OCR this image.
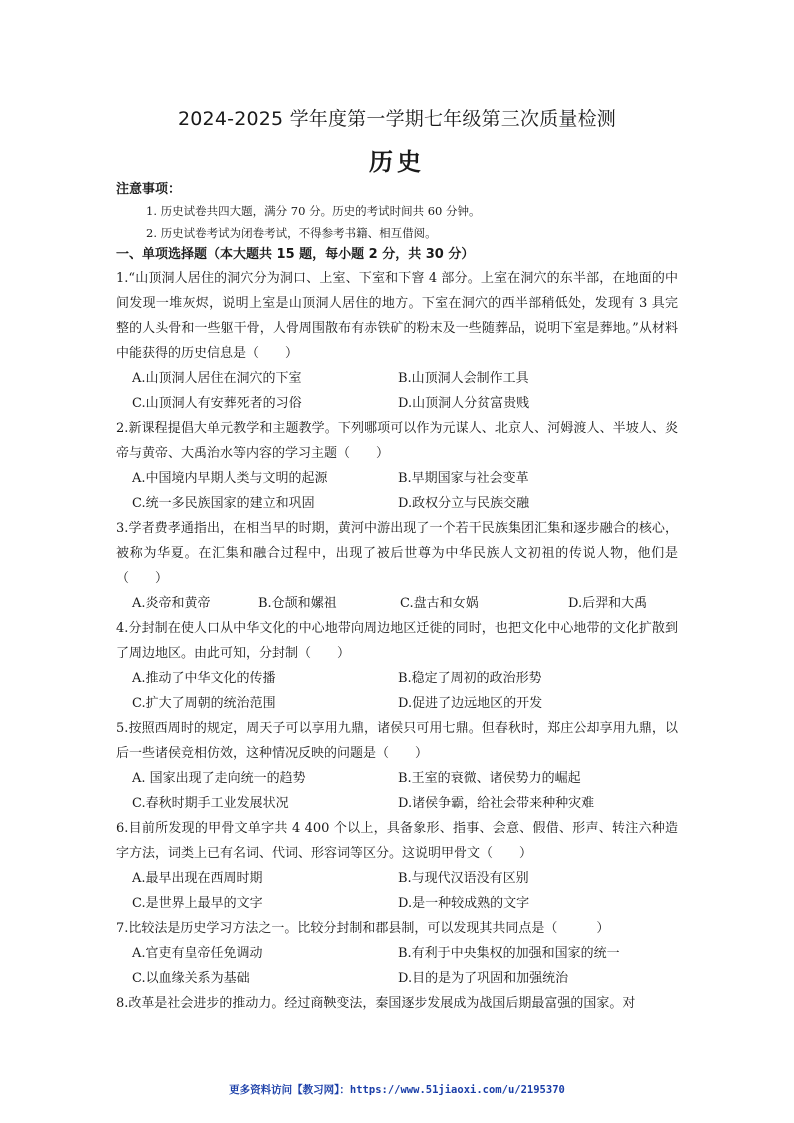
2024-2025 学年度第一学期七年级第三次质量检测
历史
注意事项：
1. 历史试卷共四大题，满分 70 分。历史的考试时间共 60 分钟。
2. 历史试卷考试为闭卷考试，不得参考书籍、相互借阅。
一、单项选择题（本大题共 15 题，每小题 2 分，共 30 分）

1.“山顶洞人居住的洞穴分为洞口、上室、下室和下窨 4 部分。上室在洞穴的东半部，在地面的中间发现一堆灰烬，说明上室是山顶洞人居住的地方。下室在洞穴的西半部稍低处，发现有 3 具完整的人头骨和一些躯干骨，人骨周围散布有赤铁矿的粉末及一些随葬品，说明下室是葬地。”从材料中能获得的历史信息是（　　）

A.山顶洞人居住在洞穴的下室	B.山顶洞人会制作工具
C.山顶洞人有安葬死者的习俗	D.山顶洞人分贫富贵贱

2.新课程提倡大单元教学和主题教学。下列哪项可以作为元谋人、北京人、河姆渡人、半坡人、炎帝与黄帝、大禹治水等内容的学习主题（　　）

A.中国境内早期人类与文明的起源	B.早期国家与社会变革
C.统一多民族国家的建立和巩固	D.政权分立与民族交融

3.学者费孝通指出，在相当早的时期，黄河中游出现了一个若干民族集团汇集和逐步融合的核心，被称为华夏。在汇集和融合过程中，出现了被后世尊为中华民族人文初祖的传说人物，他们是　（　　）

A.炎帝和黄帝	B.仓颉和嫘祖	C.盘古和女娲	D.后羿和大禹

4.分封制在使人口从中华文化的中心地带向周边地区迁徙的同时，也把文化中心地带的文化扩散到了周边地区。由此可知，分封制（　　）

A.推动了中华文化的传播	B.稳定了周初的政治形势
C.扩大了周朝的统治范围	D.促进了边远地区的开发

5.按照西周时的规定，周天子可以享用九鼎，诸侯只可用七鼎。但春秋时，郑庄公却享用九鼎，以后一些诸侯竞相仿效，这种情况反映的问题是（　　）

A. 国家出现了走向统一的趋势	B.王室的衰微、诸侯势力的崛起
C.春秋时期手工业发展状况	D.诸侯争霸，给社会带来种种灾难

6.目前所发现的甲骨文单字共 4 400 个以上，具备象形、指事、会意、假借、形声、转注六种造字方法，词类上已有名词、代词、形容词等区分。这说明甲骨文（　　）

A.最早出现在西周时期	B.与现代汉语没有区别
C.是世界上最早的文字	D.是一种较成熟的文字

7.比较法是历史学习方法之一。比较分封制和郡县制，可以发现其共同点是（　　　）

A.官吏有皇帝任免调动	B.有利于中央集权的加强和国家的统一
C.以血缘关系为基础	D.目的是为了巩固和加强统治

8.改革是社会进步的推动力。经过商鞅变法，秦国逐步发展成为战国后期最富强的国家。对

更多资料访问【教习网】：https://www.51jiaoxi.com/u/2195370
